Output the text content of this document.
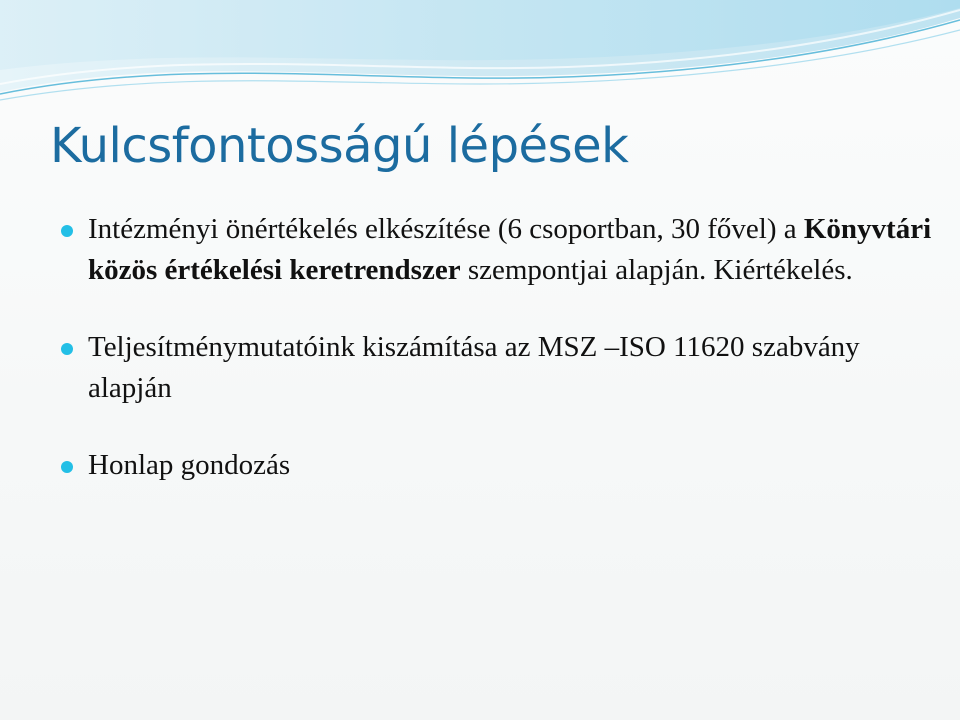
Kulcsfontosságú lépések
Intézményi önértékelés elkészítése (6 csoportban, 30 fővel) a Könyvtári közös értékelési keretrendszer szempontjai alapján. Kiértékelés.
Teljesítménymutatóink kiszámítása az MSZ –ISO 11620 szabvány alapján
Honlap gondozás
